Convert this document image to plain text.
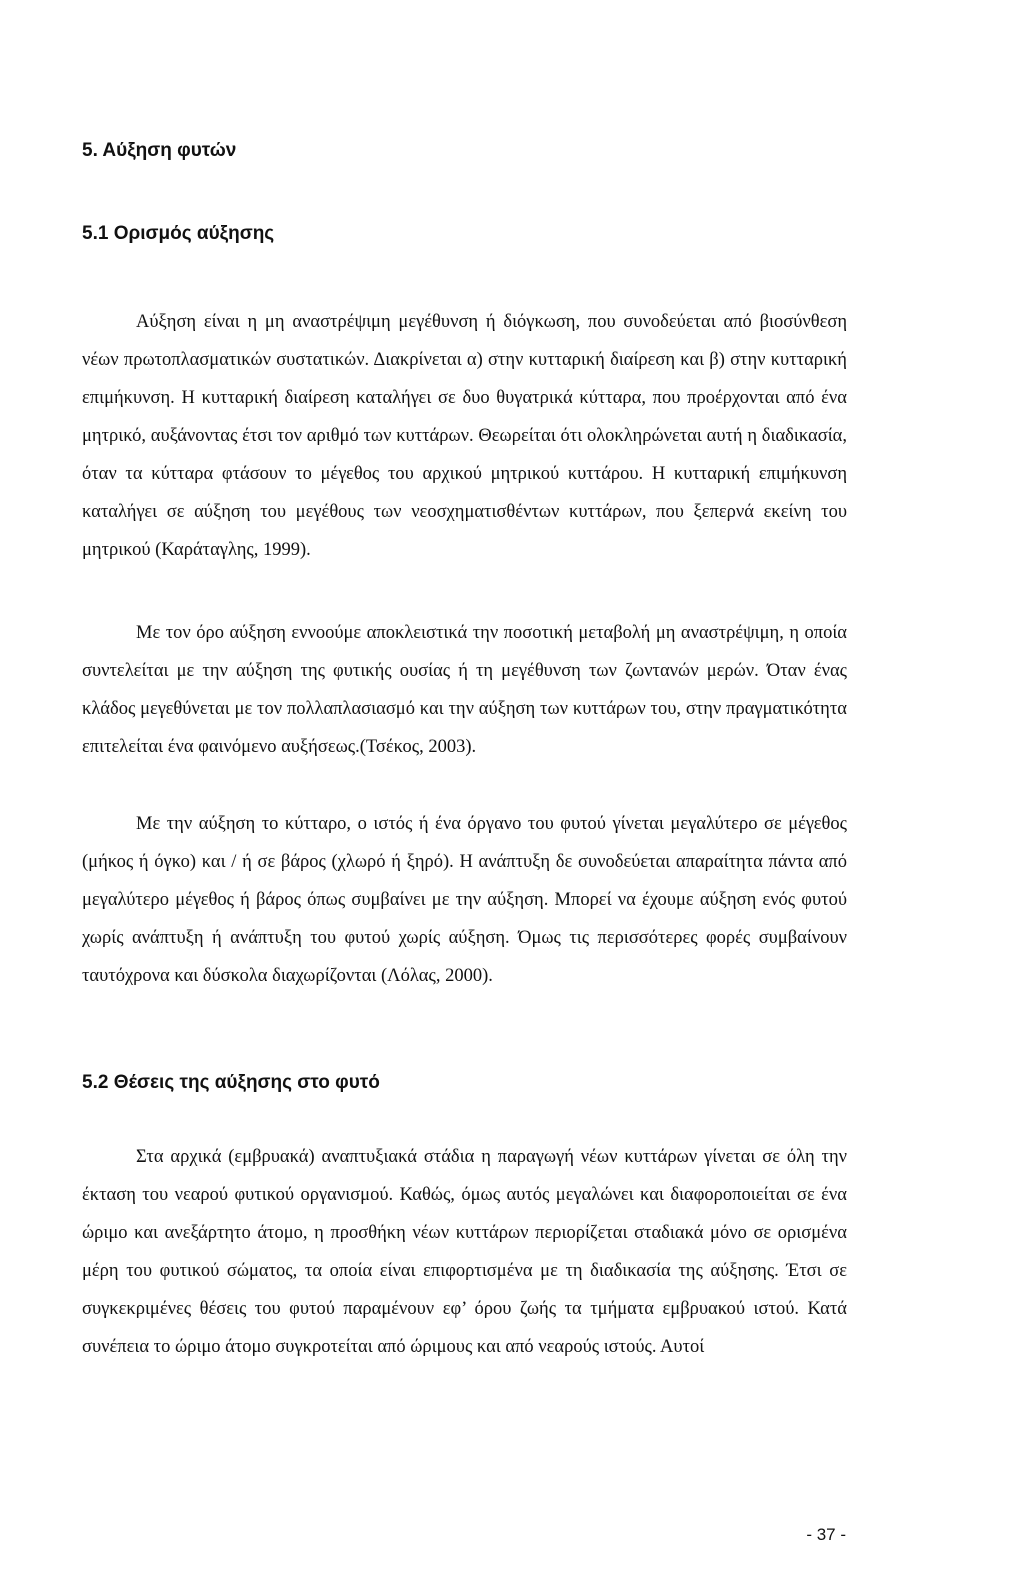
5. Αύξηση φυτών
5.1 Ορισμός αύξησης

Αύξηση είναι η μη αναστρέψιμη μεγέθυνση ή διόγκωση, που συνοδεύεται από βιοσύνθεση νέων πρωτοπλασματικών συστατικών. Διακρίνεται α) στην κυτταρική διαίρεση και β) στην κυτταρική επιμήκυνση. Η κυτταρική διαίρεση καταλήγει σε δυο θυγατρικά κύτταρα, που προέρχονται από ένα μητρικό, αυξάνοντας έτσι τον αριθμό των κυττάρων. Θεωρείται ότι ολοκληρώνεται αυτή η διαδικασία, όταν τα κύτταρα φτάσουν το μέγεθος του αρχικού μητρικού κυττάρου. Η κυτταρική επιμήκυνση καταλήγει σε αύξηση του μεγέθους των νεοσχηματισθέντων κυττάρων, που ξεπερνά εκείνη του μητρικού (Καράταγλης, 1999).

Με τον όρο αύξηση εννοούμε αποκλειστικά την ποσοτική μεταβολή μη αναστρέψιμη, η οποία συντελείται με την αύξηση της φυτικής ουσίας ή τη μεγέθυνση των ζωντανών μερών. Όταν ένας κλάδος μεγεθύνεται με τον πολλαπλασιασμό και την αύξηση των κυττάρων του, στην πραγματικότητα επιτελείται ένα φαινόμενο αυξήσεως.(Τσέκος, 2003).

Με την αύξηση το κύτταρο, ο ιστός ή ένα όργανο του φυτού γίνεται μεγαλύτερο σε μέγεθος (μήκος ή όγκο) και / ή σε βάρος (χλωρό ή ξηρό). Η ανάπτυξη δε συνοδεύεται απαραίτητα πάντα από μεγαλύτερο μέγεθος ή βάρος όπως συμβαίνει με την αύξηση. Μπορεί να έχουμε αύξηση ενός φυτού χωρίς ανάπτυξη ή ανάπτυξη του φυτού χωρίς αύξηση. Όμως τις περισσότερες φορές συμβαίνουν ταυτόχρονα και δύσκολα διαχωρίζονται (Λόλας, 2000).

5.2 Θέσεις της αύξησης στο φυτό

Στα αρχικά (εμβρυακά) αναπτυξιακά στάδια η παραγωγή νέων κυττάρων γίνεται σε όλη την έκταση του νεαρού φυτικού οργανισμού. Καθώς, όμως αυτός μεγαλώνει και διαφοροποιείται σε ένα ώριμο και ανεξάρτητο άτομο, η προσθήκη νέων κυττάρων περιορίζεται σταδιακά μόνο σε ορισμένα μέρη του φυτικού σώματος, τα οποία είναι επιφορτισμένα με τη διαδικασία της αύξησης. Έτσι σε συγκεκριμένες θέσεις του φυτού παραμένουν εφ’ όρου ζωής τα τμήματα εμβρυακού ιστού. Κατά συνέπεια το ώριμο άτομο συγκροτείται από ώριμους και από νεαρούς ιστούς. Αυτοί

- 37 -
